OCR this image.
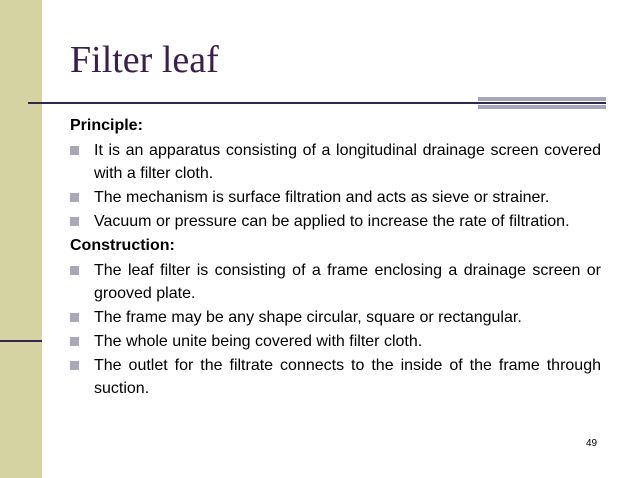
Filter leaf
Principle:
It is an apparatus consisting of a longitudinal drainage screen covered with a filter cloth.
The mechanism is surface filtration and acts as sieve or strainer.
Vacuum or pressure can be applied to increase the rate of filtration.
Construction:
The leaf filter is consisting of a frame enclosing a drainage screen or grooved plate.
The frame may be any shape circular, square or rectangular.
The whole unite being covered with filter cloth.
The outlet for the filtrate connects to the inside of the frame through suction.
49
